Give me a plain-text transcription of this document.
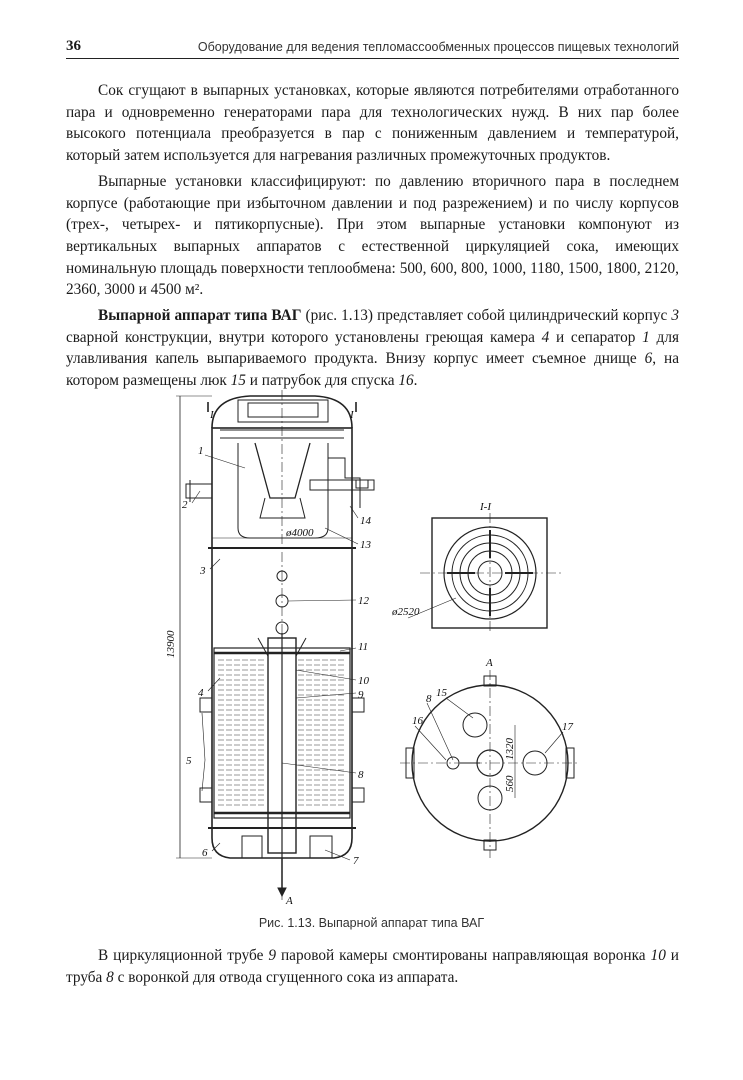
36	Оборудование для ведения тепломассообменных процессов пищевых технологий

Сок сгущают в выпарных установках, которые являются потребителями отработанного пара и одновременно генераторами пара для технологических нужд. В них пар более высокого потенциала преобразуется в пар с пониженным давлением и температурой, который затем используется для нагревания различных промежуточных продуктов.

Выпарные установки классифицируют: по давлению вторичного пара в последнем корпусе (работающие при избыточном давлении и под разрежением) и по числу корпусов (трех-, четырех- и пятикорпусные). При этом выпарные установки компонуют из вертикальных выпарных аппаратов с естественной циркуляцией сока, имеющих номинальную площадь поверхности теплообмена: 500, 600, 800, 1000, 1180, 1500, 1800, 2120, 2360, 3000 и 4500 м².

Выпарной аппарат типа ВАГ (рис. 1.13) представляет собой цилиндрический корпус 3 сварной конструкции, внутри которого установлены греющая камера 4 и сепаратор 1 для улавливания капель выпариваемого продукта. Внизу корпус имеет съемное днище 6, на котором размещены люк 15 и патрубок для спуска 16.

1
2
3
4
5
6
7
8
9
10
11
12
13
14
15
16
8
17
I	I
I-I
ø2520
ø4000
A
A
13900
1320
560
Рис. 1.13. Выпарной аппарат типа ВАГ

В циркуляционной трубе 9 паровой камеры смонтированы направляющая воронка 10 и труба 8 с воронкой для отвода сгущенного сока из аппарата.
